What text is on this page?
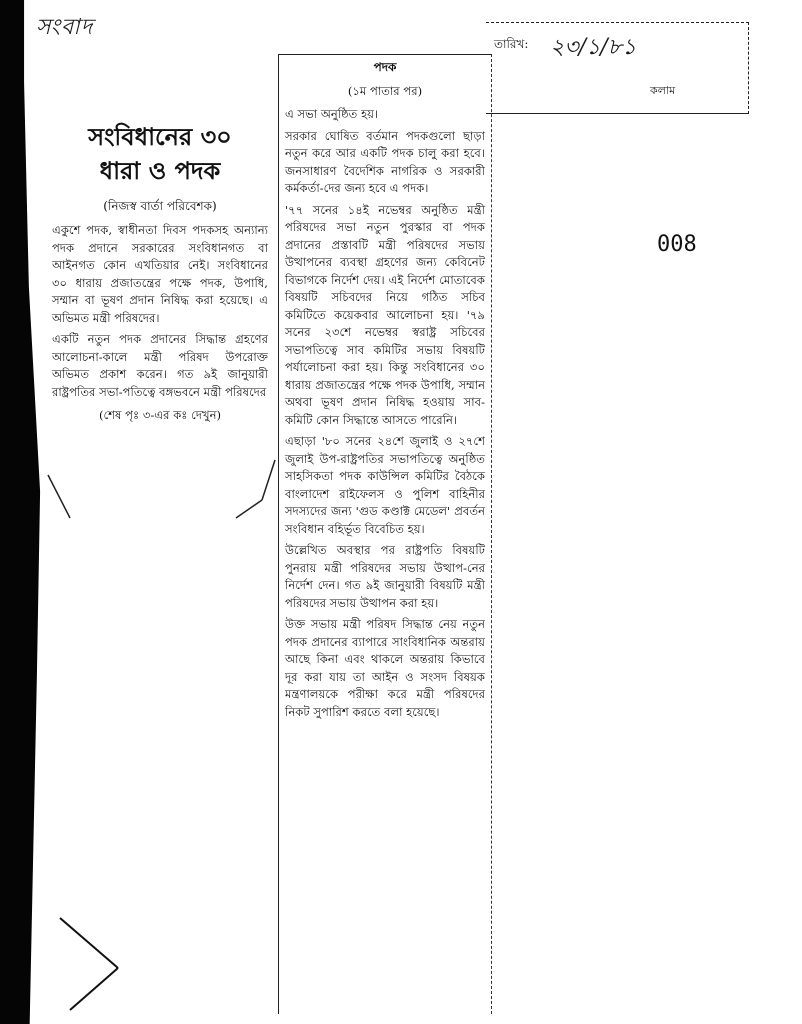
সংবাদ
তারিখ: ২৩/১/৮১
কলাম
008
সংবিধানের ৩০
ধারা ও পদক
(নিজস্ব বার্তা পরিবেশক)

একুশে পদক, স্বাধীনতা দিবস পদকসহ অন্যান্য পদক প্রদানে সরকারের সংবিধানগত বা আইনগত কোন এখতিয়ার নেই। সংবিধানের ৩০ ধারায় প্রজাতন্ত্রের পক্ষে পদক, উপাধি, সম্মান বা ভূষণ প্রদান নিষিদ্ধ করা হয়েছে। এ অভিমত মন্ত্রী পরিষদের।

একটি নতুন পদক প্রদানের সিদ্ধান্ত গ্রহণের আলোচনা-কালে মন্ত্রী পরিষদ উপরোক্ত অভিমত প্রকাশ করেন। গত ৯ই জানুয়ারী রাষ্ট্রপতির সভা-পতিত্বে বঙ্গভবনে মন্ত্রী পরিষদের

(শেষ পৃঃ ৩-এর কঃ দেখুন)
পদক
(১ম পাতার পর)

এ সভা অনুষ্ঠিত হয়।

সরকার ঘোষিত বর্তমান পদকগুলো ছাড়া নতুন করে আর একটি পদক চালু করা হবে। জনসাধারণ বৈদেশিক নাগরিক ও সরকারী কর্মকর্তা-দের জন্য হবে এ পদক।

'৭৭ সনের ১৪ই নভেম্বর অনুষ্ঠিত মন্ত্রী পরিষদের সভা নতুন পুরস্কার বা পদক প্রদানের প্রস্তাবটি মন্ত্রী পরিষদের সভায় উত্থাপনের ব্যবস্থা গ্রহণের জন্য কেবিনেট বিভাগকে নির্দেশ দেয়। এই নির্দেশ মোতাবেক বিষয়টি সচিবদের নিয়ে গঠিত সচিব কমিটিতে কয়েকবার আলোচনা হয়। '৭৯ সনের ২৩শে নভেম্বর স্বরাষ্ট্র সচিবের সভাপতিত্বে সাব কমিটির সভায় বিষয়টি পর্যালোচনা করা হয়। কিন্তু সংবিধানের ৩০ ধারায় প্রজাতন্ত্রের পক্ষে পদক উপাধি, সম্মান অথবা ভূষণ প্রদান নিষিদ্ধ হওয়ায় সাব-কমিটি কোন সিদ্ধান্তে আসতে পারেনি।

এছাড়া '৮০ সনের ২৪শে জুলাই ও ২৭শে জুলাই উপ-রাষ্ট্রপতির সভাপতিত্বে অনুষ্ঠিত সাহসিকতা পদক কাউন্সিল কমিটির বৈঠকে বাংলাদেশ রাইফেলস ও পুলিশ বাহিনীর সদস্যদের জন্য 'গুড কণ্ডাক্ট মেডেল' প্রবর্তন সংবিধান বহির্ভূত বিবেচিত হয়।

উল্লেখিত অবস্থার পর রাষ্ট্রপতি বিষয়টি পুনরায় মন্ত্রী পরিষদের সভায় উত্থাপ-নের নির্দেশ দেন। গত ৯ই জানুয়ারী বিষয়টি মন্ত্রী পরিষদের সভায় উত্থাপন করা হয়।

উক্ত সভায় মন্ত্রী পরিষদ সিদ্ধান্ত নেয় নতুন পদক প্রদানের ব্যাপারে সাংবিধানিক অন্তরায় আছে কিনা এবং থাকলে অন্তরায় কিভাবে দূর করা যায় তা আইন ও সংসদ বিষয়ক মন্ত্রণালয়কে পরীক্ষা করে মন্ত্রী পরিষদের নিকট সুপারিশ করতে বলা হয়েছে।
